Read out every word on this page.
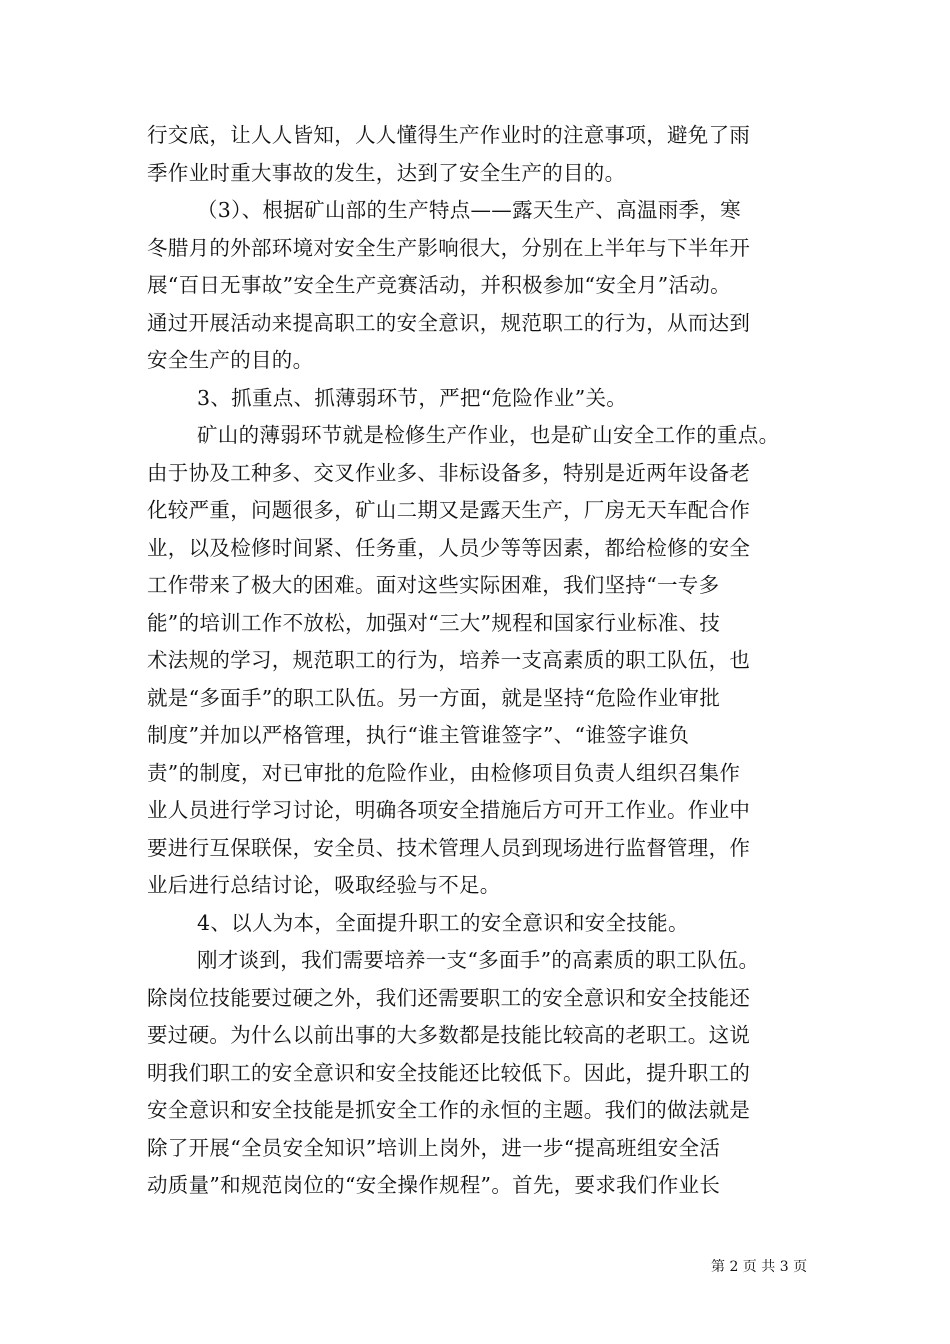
行交底，让人人皆知，人人懂得生产作业时的注意事项，避免了雨
季作业时重大事故的发生，达到了安全生产的目的。
（3）、根据矿山部的生产特点——露天生产、高温雨季，寒
冬腊月的外部环境对安全生产影响很大，分别在上半年与下半年开
展“百日无事故”安全生产竞赛活动，并积极参加“安全月”活动。
通过开展活动来提高职工的安全意识，规范职工的行为，从而达到
安全生产的目的。
3、抓重点、抓薄弱环节，严把“危险作业”关。
矿山的薄弱环节就是检修生产作业，也是矿山安全工作的重点。
由于协及工种多、交叉作业多、非标设备多，特别是近两年设备老
化较严重，问题很多，矿山二期又是露天生产，厂房无天车配合作
业，以及检修时间紧、任务重，人员少等等因素，都给检修的安全
工作带来了极大的困难。面对这些实际困难，我们坚持“一专多
能”的培训工作不放松，加强对“三大”规程和国家行业标准、技
术法规的学习，规范职工的行为，培养一支高素质的职工队伍，也
就是“多面手”的职工队伍。另一方面，就是坚持“危险作业审批
制度”并加以严格管理，执行“谁主管谁签字”、“谁签字谁负
责”的制度，对已审批的危险作业，由检修项目负责人组织召集作
业人员进行学习讨论，明确各项安全措施后方可开工作业。作业中
要进行互保联保，安全员、技术管理人员到现场进行监督管理，作
业后进行总结讨论，吸取经验与不足。
4、以人为本，全面提升职工的安全意识和安全技能。
刚才谈到，我们需要培养一支“多面手”的高素质的职工队伍。
除岗位技能要过硬之外，我们还需要职工的安全意识和安全技能还
要过硬。为什么以前出事的大多数都是技能比较高的老职工。这说
明我们职工的安全意识和安全技能还比较低下。因此，提升职工的
安全意识和安全技能是抓安全工作的永恒的主题。我们的做法就是
除了开展“全员安全知识”培训上岗外，进一步“提高班组安全活
动质量”和规范岗位的“安全操作规程”。首先，要求我们作业长
第 2 页 共 3 页
